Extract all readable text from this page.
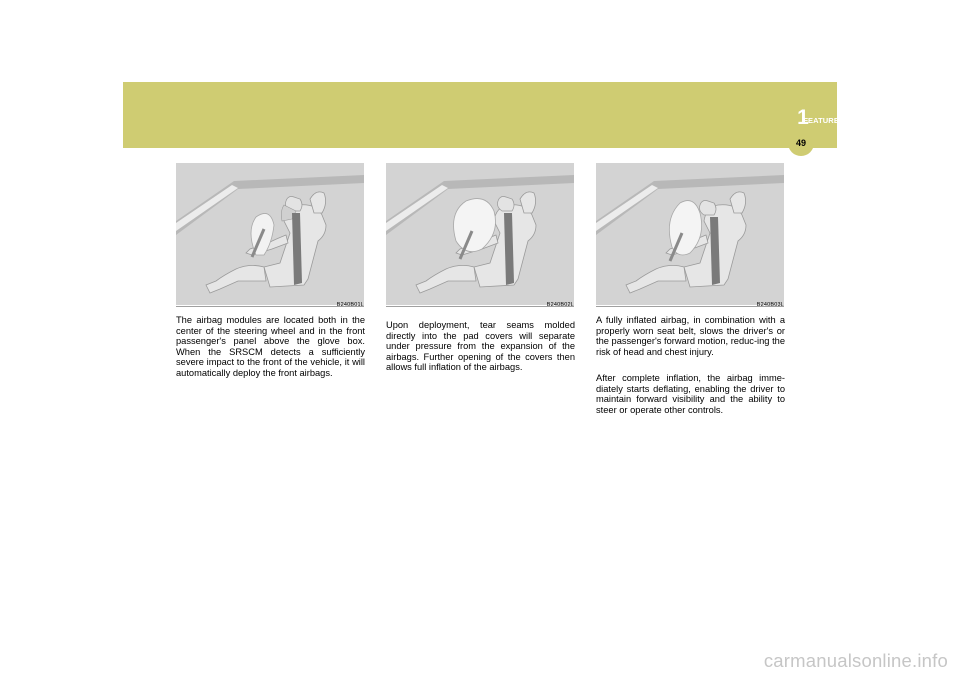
FEATURES OF YOUR HYUNDAI
1
49
B240B01L	B240B02L	B240B03L

The airbag modules are located both in the center of the steering wheel and in the front passenger's panel above the glove box. When the SRSCM detects a sufficiently severe impact to the front of the vehicle, it will automatically deploy the front airbags.

Upon deployment, tear seams molded directly into the pad covers will separate under pressure from the expansion of the airbags. Further opening of the covers then allows full inflation of the airbags.

A fully inflated airbag, in combination with a properly worn seat belt, slows the driver's or the passenger's forward motion, reduc-ing the risk of head and chest injury.

After complete inflation, the airbag imme-diately starts deflating, enabling the driver to maintain forward visibility and the ability to steer or operate other controls.

carmanualsonline.info
